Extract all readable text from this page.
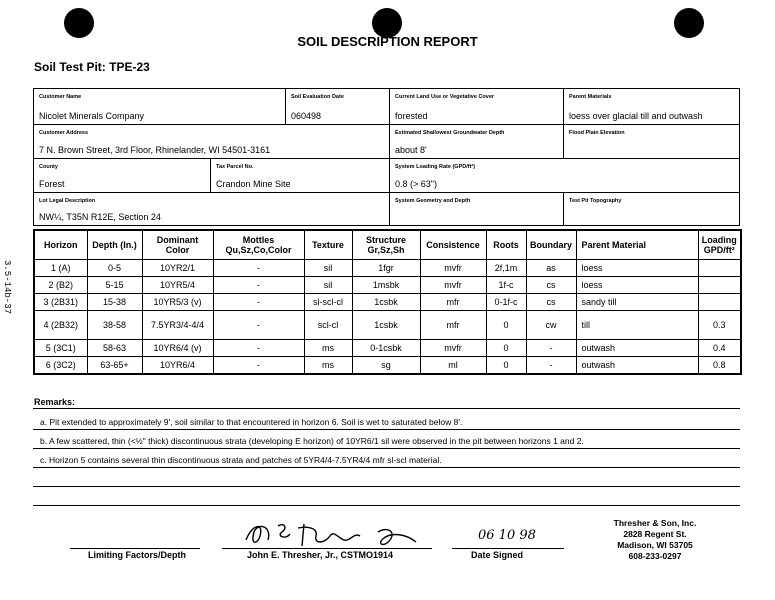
SOIL DESCRIPTION REPORT
Soil Test Pit: TPE-23
3.5-14b-37
Customer Name
Nicolet Minerals Company
Soil Evaluation Date
060498
Current Land Use or Vegetative Cover
forested
Parent Materials
loess over glacial till and outwash
Customer Address
7 N. Brown Street, 3rd Floor, Rhinelander, WI 54501-3161
Estimated Shallowest Groundwater Depth
about 8'
Flood Plain Elevation
County
Forest
Tax Parcel No.
Crandon Mine Site
System Loading Rate (GPD/ft²)
0.8 (> 63")
Lot Legal Description
NW¼, T35N R12E, Section 24
System Geometry and Depth	Test Pit Topography
Horizon	Depth (In.)	Dominant Color	Mottles Qu,Sz,Co,Color	Texture	Structure Gr,Sz,Sh	Consistence	Roots	Boundary	Parent Material	Loading GPD/ft²
1 (A)	0-5	10YR2/1	-	sil	1fgr	mvfr	2f,1m	as	loess	
2 (B2)	5-15	10YR5/4	-	sil	1msbk	mvfr	1f-c	cs	loess	
3 (2B31)	15-38	10YR5/3 (v)	-	sl-scl-cl	1csbk	mfr	0-1f-c	cs	sandy till	
4 (2B32)	38-58	7.5YR3/4-4/4	-	scl-cl	1csbk	mfr	0	cw	till	0.3
5 (3C1)	58-63	10YR6/4 (v)	-	ms	0-1csbk	mvfr	0	-	outwash	0.4
6 (3C2)	63-65+	10YR6/4	-	ms	sg	ml	0	-	outwash	0.8
Remarks:
a. Pit extended to approximately 9', soil similar to that encountered in horizon 6. Soil is wet to saturated below 8'.
b. A few scattered, thin (<½" thick) discontinuous strata (developing E horizon) of 10YR6/1 sil were observed in the pit between horizons 1 and 2.
c. Horizon 5 contains several thin discontinuous strata and patches of 5YR4/4-7.5YR4/4 mfr sl-scl material.
Limiting Factors/Depth	John E. Thresher, Jr., CSTMO1914
06 10 98
Date Signed
Thresher & Son, Inc.
2828 Regent St.
Madison, WI 53705
608-233-0297
